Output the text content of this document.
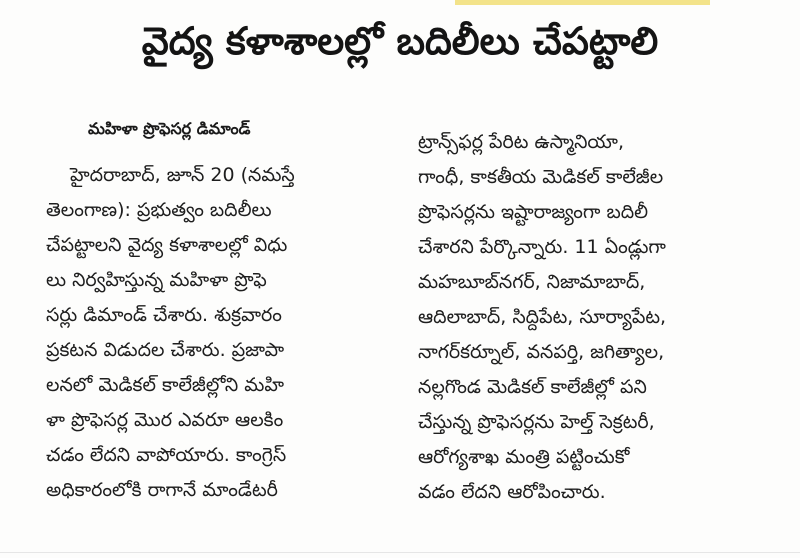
వైద్య కళాశాలల్లో బదిలీలు చేపట్టాలి
మహిళా ప్రొఫెసర్ల డిమాండ్
హైదరాబాద్, జూన్ 20 (నమస్తే
తెలంగాణ): ప్రభుత్వం బదిలీలు
చేపట్టాలని వైద్య కళాశాలల్లో విధు
లు నిర్వహిస్తున్న మహిళా ప్రొఫె
సర్లు డిమాండ్ చేశారు. శుక్రవారం
ప్రకటన విడుదల చేశారు. ప్రజాపా
లనలో మెడికల్ కాలేజీల్లోని మహి
ళా ప్రొఫెసర్ల మొర ఎవరూ ఆలకిం
చడం లేదని వాపోయారు. కాంగ్రెస్
అధికారంలోకి రాగానే మాండేటరీ
ట్రాన్స్‌ఫర్ల పేరిట ఉస్మానియా,
గాంధీ, కాకతీయ మెడికల్ కాలేజీల
ప్రొఫెసర్లను ఇష్టారాజ్యంగా బదిలీ
చేశారని పేర్కొన్నారు. 11 ఏండ్లుగా
మహబూబ్‌నగర్, నిజామాబాద్,
ఆదిలాబాద్, సిద్దిపేట, సూర్యాపేట,
నాగర్‌కర్నూల్, వనపర్తి, జగిత్యాల,
నల్లగొండ మెడికల్ కాలేజీల్లో పని
చేస్తున్న ప్రొఫెసర్లను హెల్త్ సెక్రటరీ,
ఆరోగ్యశాఖ మంత్రి పట్టించుకో
వడం లేదని ఆరోపించారు.
